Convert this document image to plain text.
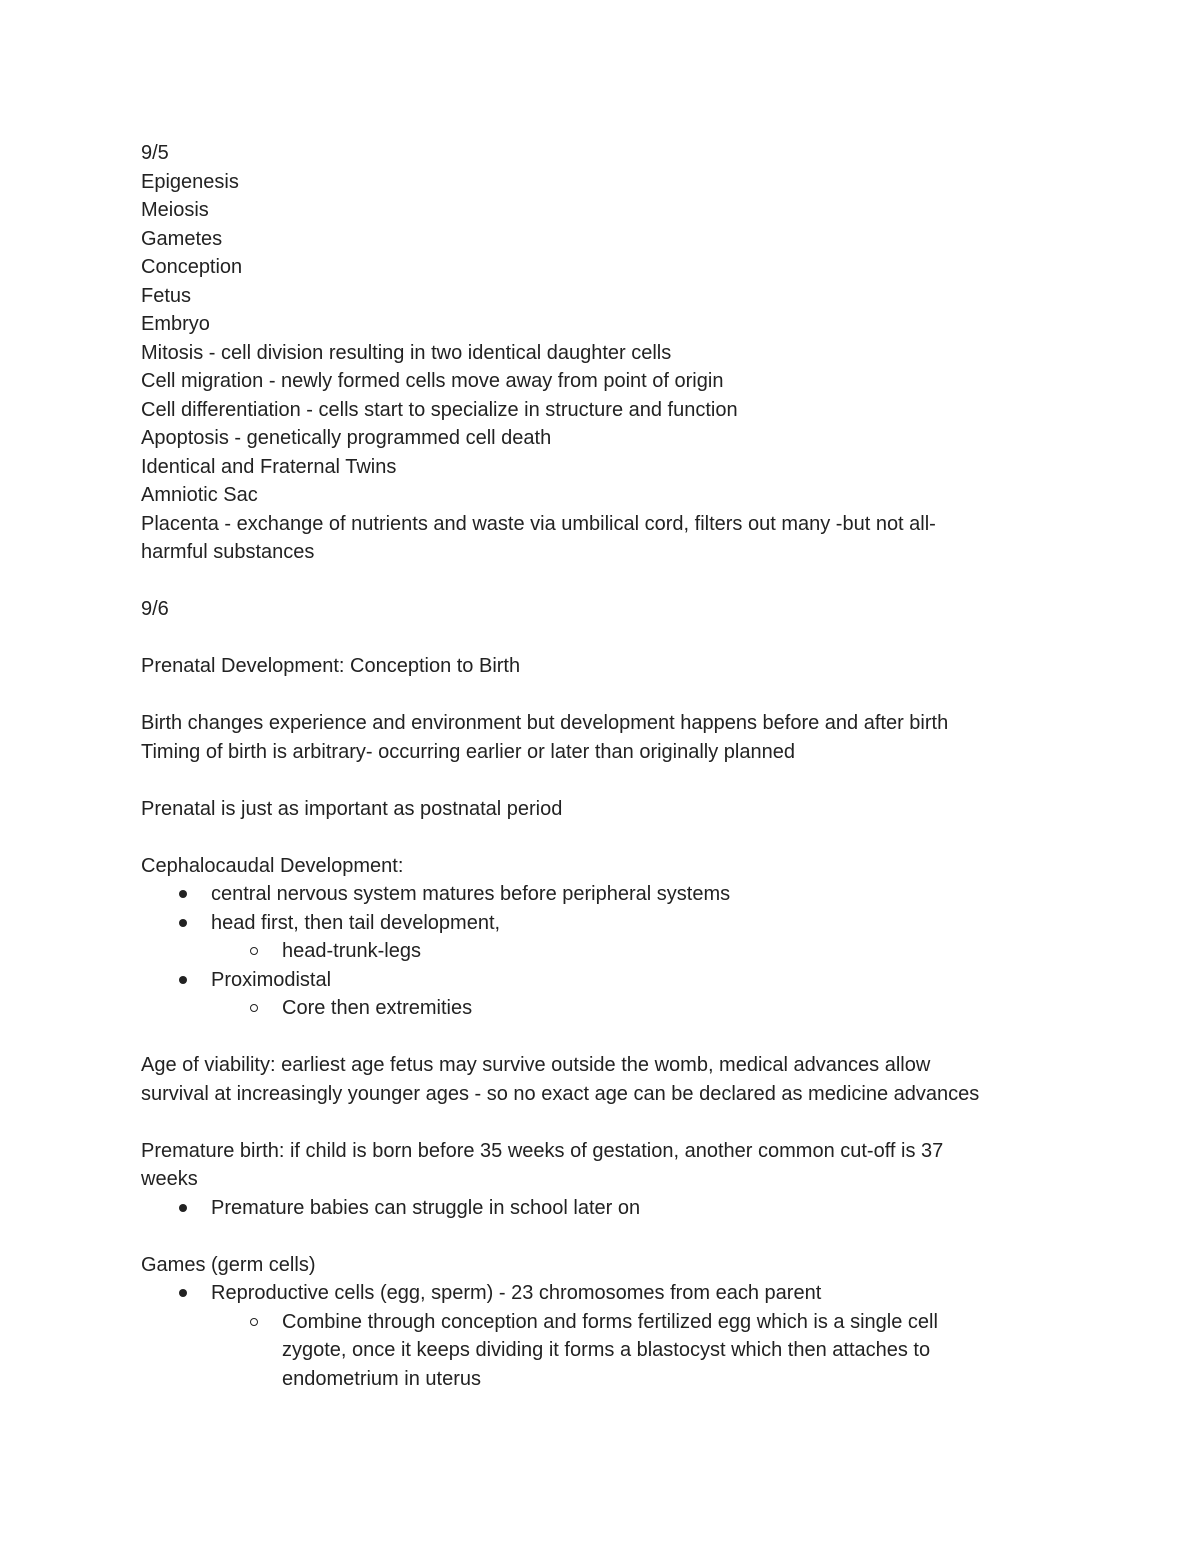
9/5
Epigenesis
Meiosis
Gametes
Conception
Fetus
Embryo
Mitosis - cell division resulting in two identical daughter cells
Cell migration - newly formed cells move away from point of origin
Cell differentiation - cells start to specialize in structure and function
Apoptosis - genetically programmed cell death
Identical and Fraternal Twins
Amniotic Sac
Placenta - exchange of nutrients and waste via umbilical cord, filters out many -but not all-
harmful substances
9/6
Prenatal Development: Conception to Birth
Birth changes experience and environment but development happens before and after birth
Timing of birth is arbitrary- occurring earlier or later than originally planned
Prenatal is just as important as postnatal period
Cephalocaudal Development:
central nervous system matures before peripheral systems
head first, then tail development,
head-trunk-legs
Proximodistal
Core then extremities
Age of viability: earliest age fetus may survive outside the womb, medical advances allow
survival at increasingly younger ages - so no exact age can be declared as medicine advances
Premature birth: if child is born before 35 weeks of gestation, another common cut-off is 37
weeks
Premature babies can struggle in school later on
Games (germ cells)
Reproductive cells (egg, sperm) - 23 chromosomes from each parent
Combine through conception and forms fertilized egg which is a single cell
zygote, once it keeps dividing it forms a blastocyst which then attaches to
endometrium in uterus
